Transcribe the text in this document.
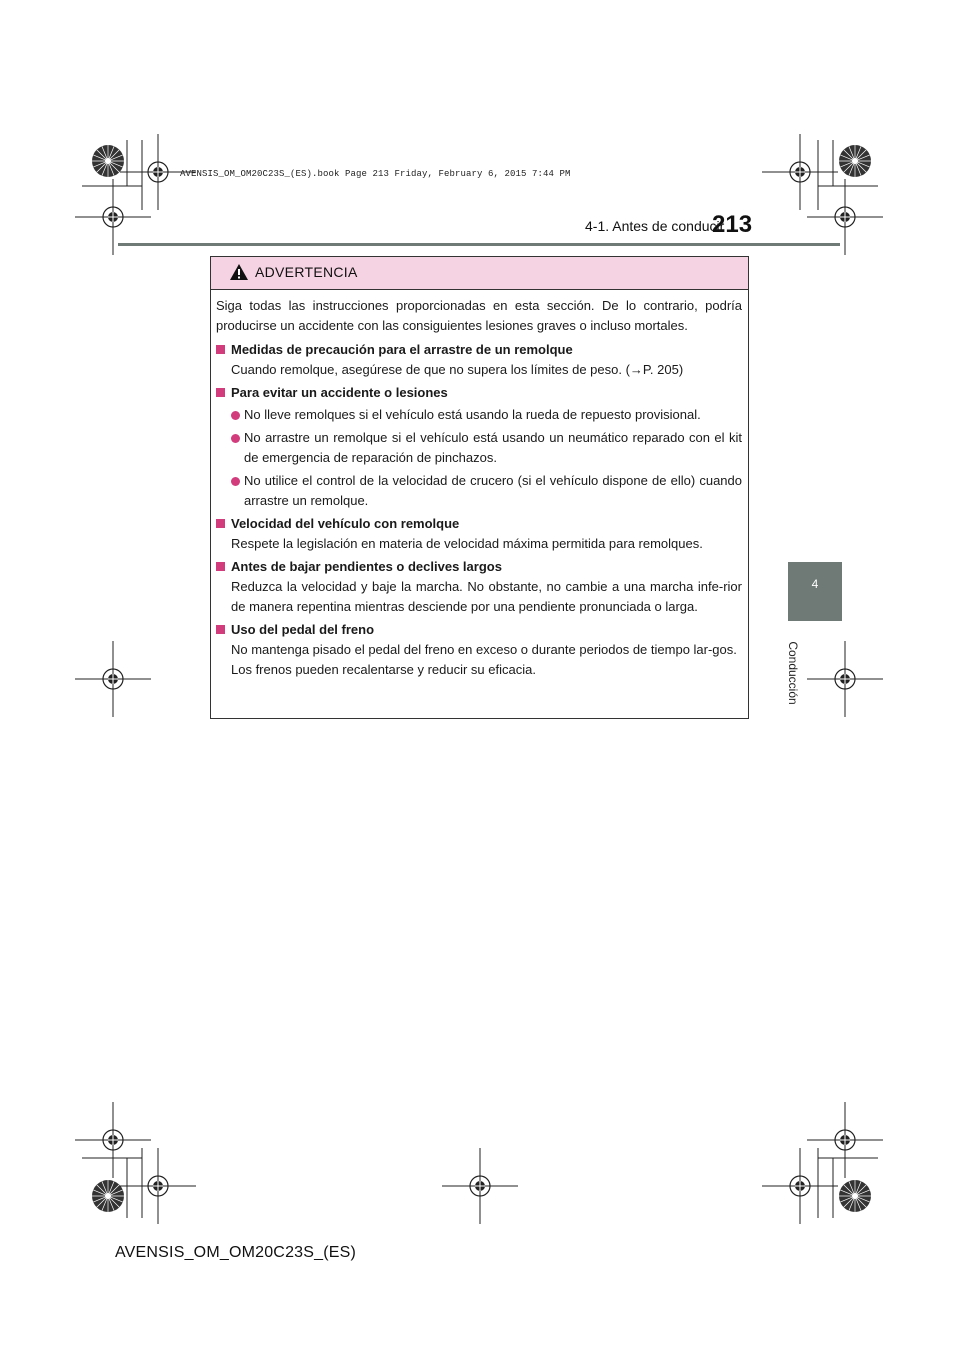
AVENSIS_OM_OM20C23S_(ES).book Page 213 Friday, February 6, 2015 7:44 PM
4-1. Antes de conducir
213
4
Conducción
ADVERTENCIA

Siga todas las instrucciones proporcionadas en esta sección. De lo contrario, podría producirse un accidente con las consiguientes lesiones graves o incluso mortales.

Medidas de precaución para el arrastre de un remolque

Cuando remolque, asegúrese de que no supera los límites de peso. (→P. 205)

Para evitar un accidente o lesiones

No lleve remolques si el vehículo está usando la rueda de repuesto provisional.

No arrastre un remolque si el vehículo está usando un neumático reparado con el kit de emergencia de reparación de pinchazos.

No utilice el control de la velocidad de crucero (si el vehículo dispone de ello) cuando arrastre un remolque.

Velocidad del vehículo con remolque

Respete la legislación en materia de velocidad máxima permitida para remolques.

Antes de bajar pendientes o declives largos

Reduzca la velocidad y baje la marcha. No obstante, no cambie a una marcha infe-rior de manera repentina mientras desciende por una pendiente pronunciada o larga.

Uso del pedal del freno

No mantenga pisado el pedal del freno en exceso o durante periodos de tiempo lar-gos.

Los frenos pueden recalentarse y reducir su eficacia.

AVENSIS_OM_OM20C23S_(ES)
